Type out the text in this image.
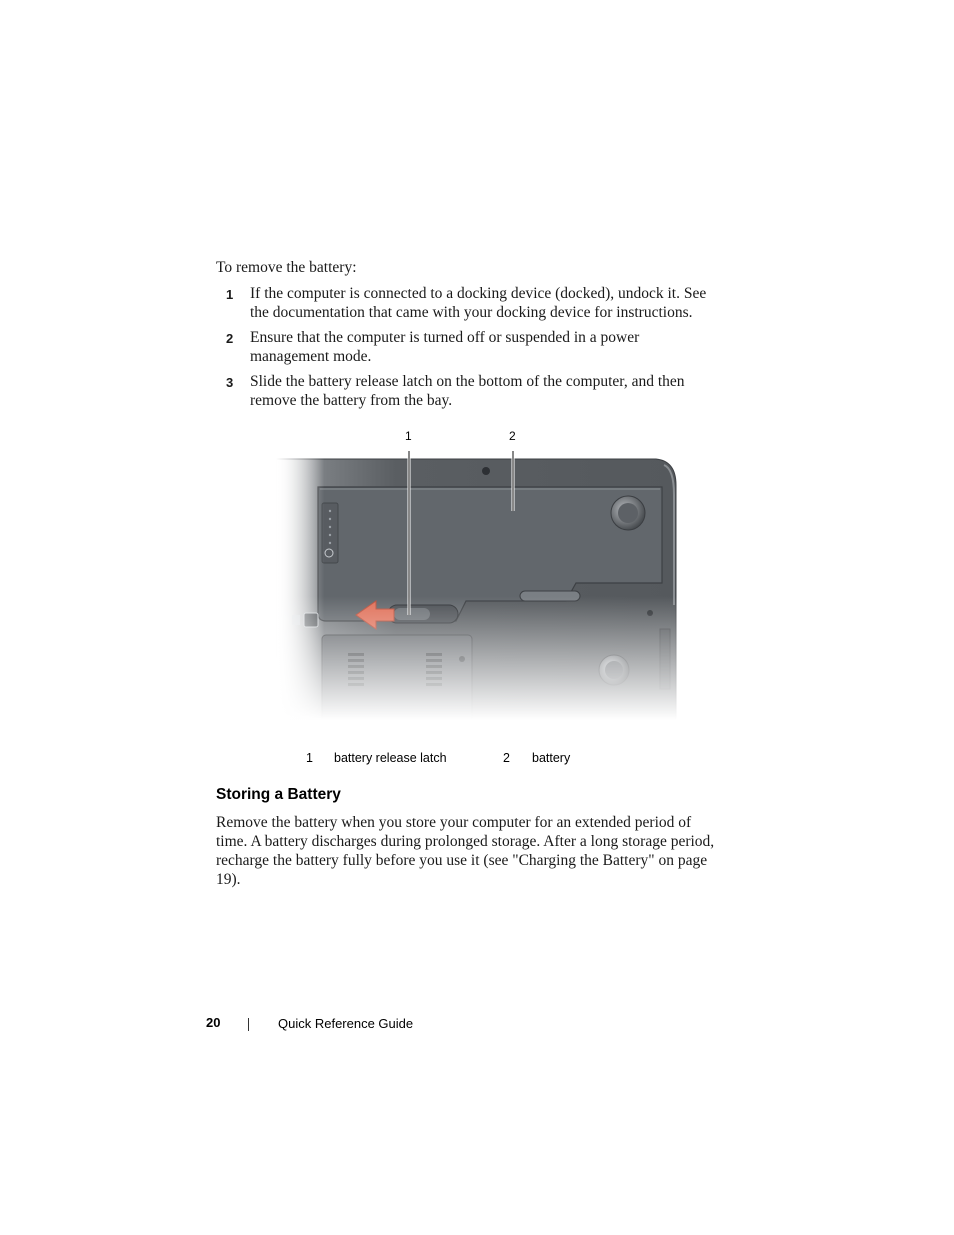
To remove the battery:
1 If the computer is connected to a docking device (docked), undock it. See the documentation that came with your docking device for instructions.
2 Ensure that the computer is turned off or suspended in a power management mode.
3 Slide the battery release latch on the bottom of the computer, and then remove the battery from the bay.
1	2
1 battery release latch	2 battery
Storing a Battery

Remove the battery when you store your computer for an extended period of time. A battery discharges during prolonged storage. After a long storage period, recharge the battery fully before you use it (see "Charging the Battery" on page 19).

20	Quick Reference Guide
